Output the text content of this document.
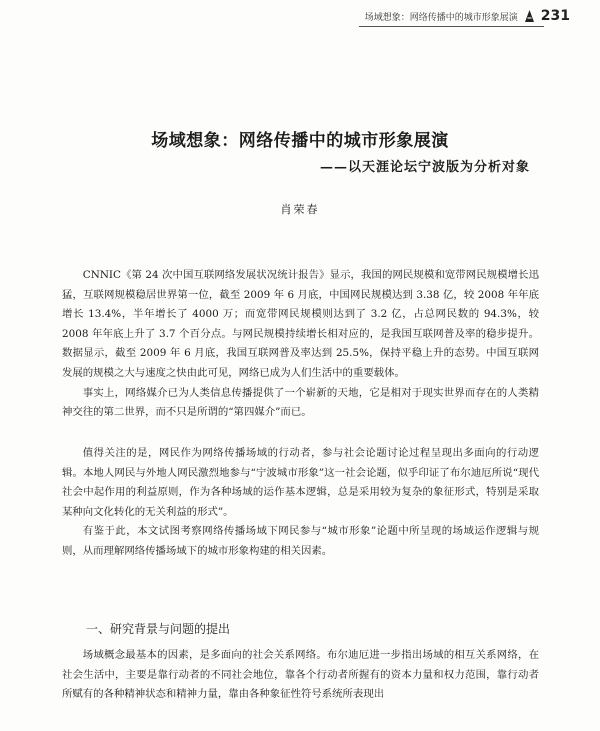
场域想象：网络传播中的城市形象展演 231
场域想象：网络传播中的城市形象展演
——以天涯论坛宁波版为分析对象
肖荣春

CNNIC《第 24 次中国互联网络发展状况统计报告》显示，我国的网民规模和宽带网民规模增长迅猛，互联网规模稳居世界第一位，截至 2009 年 6 月底，中国网民规模达到 3.38 亿，较 2008 年年底增长 13.4%，半年增长了 4000 万；而宽带网民规模则达到了 3.2 亿，占总网民数的 94.3%，较 2008 年年底上升了 3.7 个百分点。与网民规模持续增长相对应的，是我国互联网普及率的稳步提升。数据显示，截至 2009 年 6 月底，我国互联网普及率达到 25.5%，保持平稳上升的态势。中国互联网发展的规模之大与速度之快由此可见，网络已成为人们生活中的重要载体。

事实上，网络媒介已为人类信息传播提供了一个崭新的天地，它是相对于现实世界而存在的人类精神交往的第二世界，而不只是所谓的“第四媒介”而已。

值得关注的是，网民作为网络传播场域的行动者，参与社会论题讨论过程呈现出多面向的行动逻辑。本地人网民与外地人网民激烈地参与“宁波城市形象”这一社会论题，似乎印证了布尔迪厄所说“现代社会中起作用的利益原则，作为各种场域的运作基本逻辑，总是采用较为复杂的象征形式，特别是采取某种向文化转化的无关利益的形式”。

有鉴于此，本文试图考察网络传播场域下网民参与“城市形象”论题中所呈现的场域运作逻辑与规则，从而理解网络传播场域下的城市形象构建的相关因素。

一、研究背景与问题的提出

场域概念最基本的因素，是多面向的社会关系网络。布尔迪厄进一步指出场域的相互关系网络，在社会生活中，主要是靠行动者的不同社会地位，靠各个行动者所握有的资本力量和权力范围，靠行动者所赋有的各种精神状态和精神力量，靠由各种象征性符号系统所表现出
